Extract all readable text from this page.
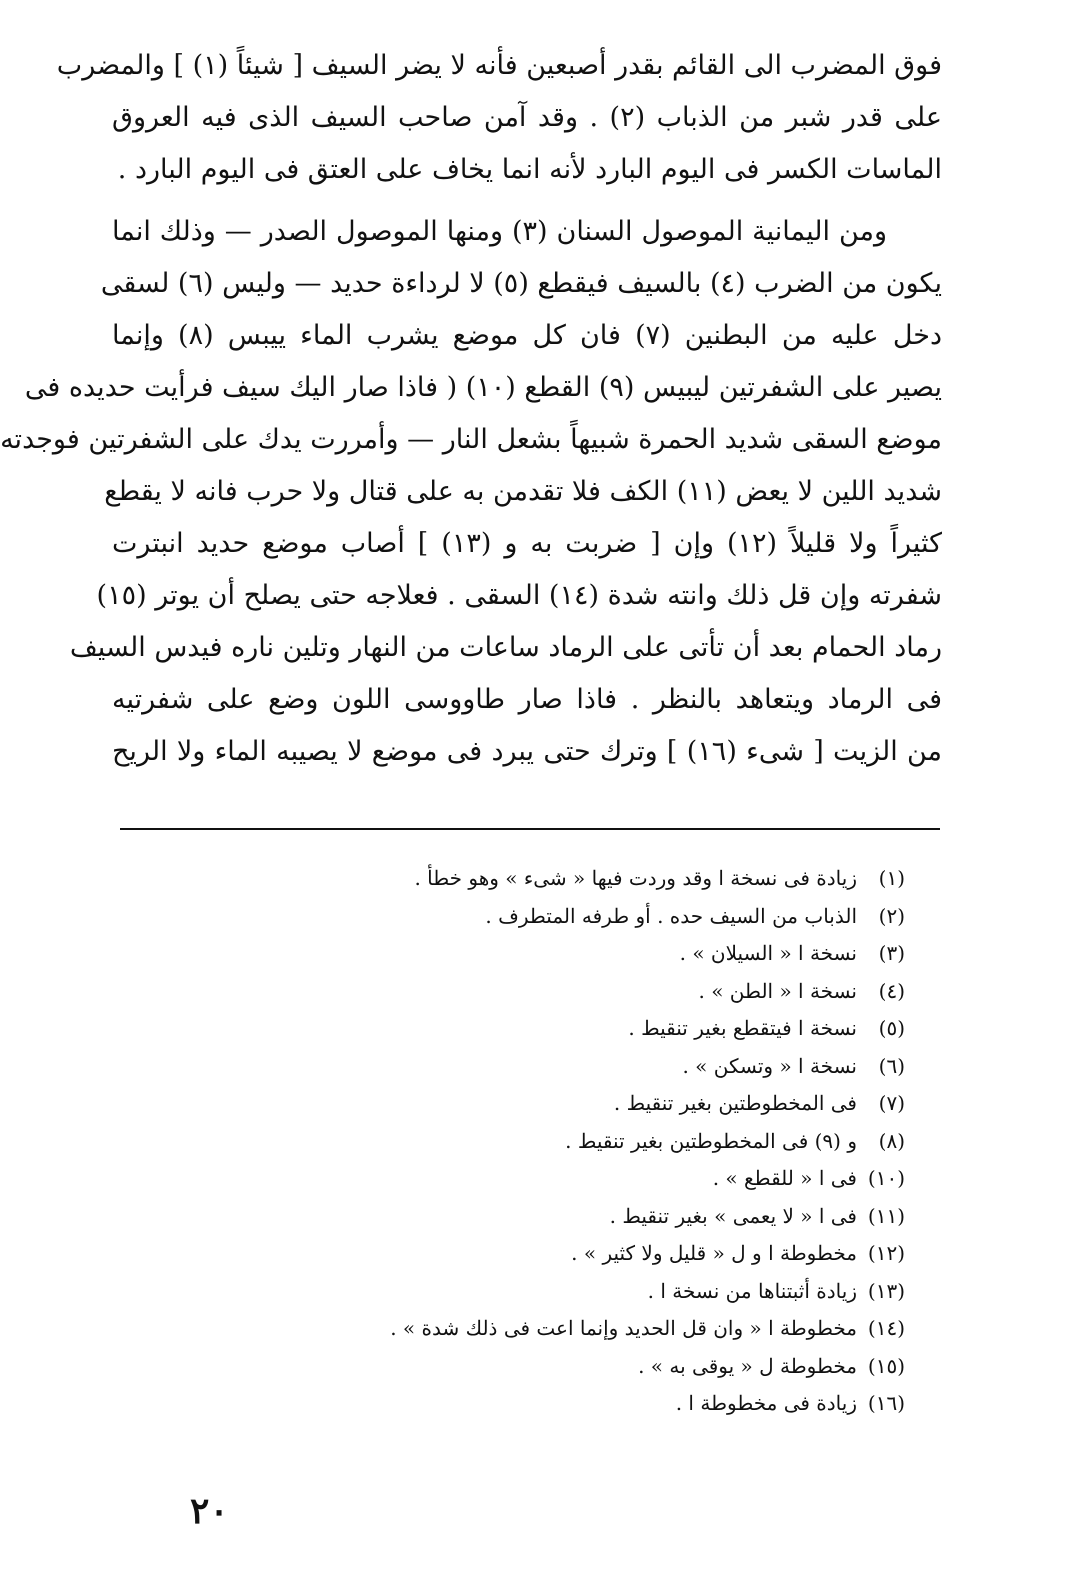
فوق المضرب الى القائم بقدر أصبعين فأنه لا يضر السيف [ شيئاً (١) ] والمضرب
على قدر شبر من الذباب (٢) . وقد آمن صاحب السيف الذى فيه العروق
الماسات الكسر فى اليوم البارد لأنه انما يخاف على العتق فى اليوم البارد .
ومن اليمانية الموصول السنان (٣) ومنها الموصول الصدر — وذلك انما
يكون من الضرب (٤) بالسيف فيقطع (٥) لا لرداءة حديد — وليس (٦) لسقى
دخل عليه من البطنين (٧) فان كل موضع يشرب الماء ييبس (٨) وإنما
يصير على الشفرتين ليبيس (٩) القطع (١٠) ( فاذا صار اليك سيف فرأيت حديده فى
موضع السقى شديد الحمرة شبيهاً بشعل النار — وأمررت يدك على الشفرتين فوجدته
شديد اللين لا يعض (١١) الكف فلا تقدمن به على قتال ولا حرب فانه لا يقطع
كثيراً ولا قليلاً (١٢) وإن [ ضربت به و (١٣) ] أصاب موضع حديد انبترت
شفرته وإن قل ذلك وانته شدة (١٤) السقى . فعلاجه حتى يصلح أن يوتر (١٥)
رماد الحمام بعد أن تأتى على الرماد ساعات من النهار وتلين ناره فيدس السيف
فى الرماد ويتعاهد بالنظر . فاذا صار طاووسى اللون وضع على شفرتيه
من الزيت [ شىء (١٦) ] وترك حتى يبرد فى موضع لا يصيبه الماء ولا الريح
(١)
زيادة فى نسخة ا وقد وردت فيها « شىء » وهو خطأ .
(٢)
الذباب من السيف حده . أو طرفه المتطرف .
(٣)
نسخة ا « السيلان » .
(٤)
نسخة ا « الطن » .
(٥)
نسخة ا فيتقطع بغير تنقيط .
(٦)
نسخة ا « وتسكن » .
(٧)
فى المخطوطتين بغير تنقيط .
(٨)
و (٩) فى المخطوطتين بغير تنقيط .
(١٠)
فى ا « للقطع » .
(١١)
فى ا « لا يعمى » بغير تنقيط .
(١٢)
مخطوطة ا و ل « قليل ولا كثير » .
(١٣)
زيادة أثبتناها من نسخة ا .
(١٤)
مخطوطة ا « وان قل الحديد وإنما اعت فى ذلك شدة » .
(١٥)
مخطوطة ل « يوقى به » .
(١٦)
زيادة فى مخطوطة ا .
٢٠
